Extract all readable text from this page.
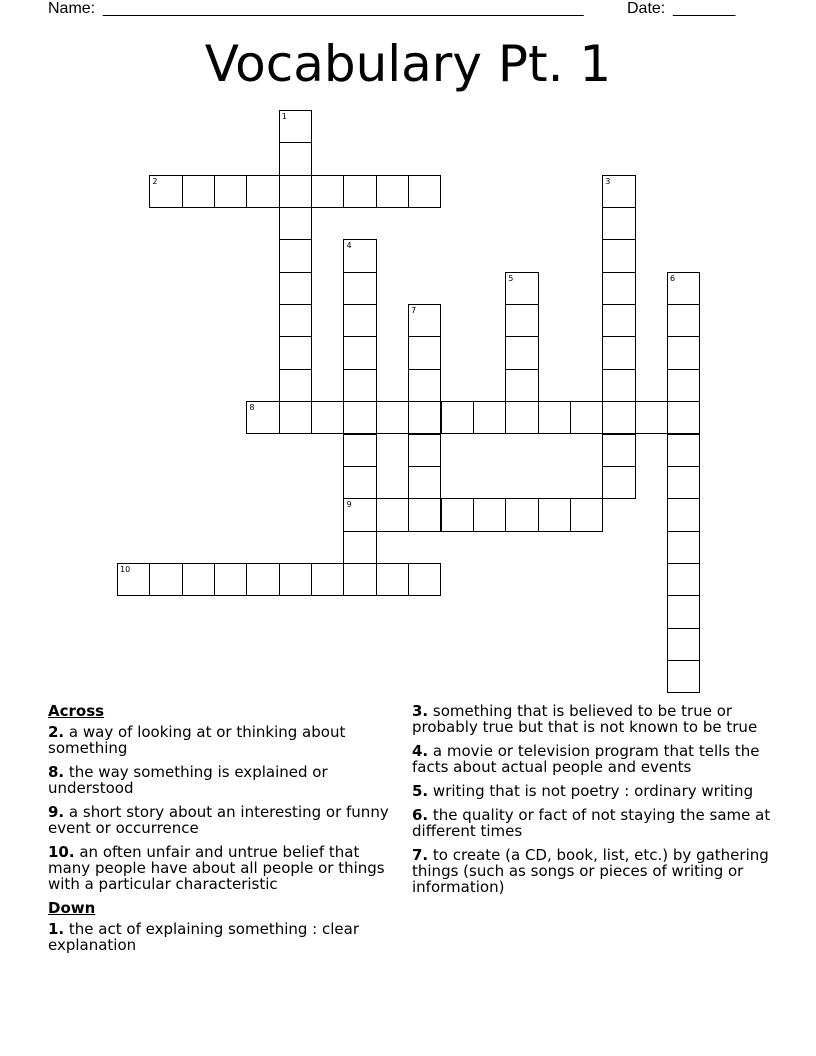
Name: ______________________________________________________	Date: _______
Vocabulary Pt. 1
1
2	3
4
9
5	6
7
8
10
Across
2. a way of looking at or thinking about something
8. the way something is explained or understood
9. a short story about an interesting or funny event or occurrence
10. an often unfair and untrue belief that many people have about all people or things with a particular characteristic
Down
1. the act of explaining something : clear explanation
3. something that is believed to be true or probably true but that is not known to be true
4. a movie or television program that tells the facts about actual people and events
5. writing that is not poetry : ordinary writing
6. the quality or fact of not staying the same at different times
7. to create (a CD, book, list, etc.) by gathering things (such as songs or pieces of writing or information)
